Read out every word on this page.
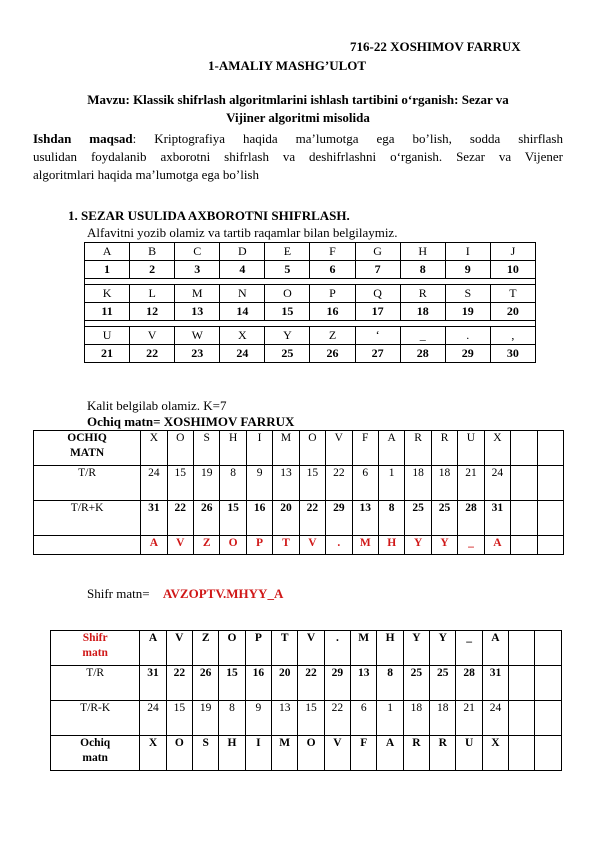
716-22 XOSHIMOV FARRUX
1-AMALIY MASHG’ULOT
Mavzu: Klassik shifrlash algoritmlarini ishlash tartibini o‘rganish: Sezar va
Vijiner algoritmi misolida
Ishdan maqsad: Kriptografiya haqida ma’lumotga ega bo’lish, sodda shirflash
usulidan foydalanib axborotni shifrlash va deshifrlashni o‘rganish. Sezar va Vijener
algoritmlari haqida ma’lumotga ega bo’lish
1. SEZAR USULIDA AXBOROTNI SHIFRLASH.
Alfavitni yozib olamiz va tartib raqamlar bilan belgilaymiz.
A	B	C	D	E	F	G	H	I	J
1	2	3	4	5	6	7	8	9	10

K	L	M	N	O	P	Q	R	S	T
11	12	13	14	15	16	17	18	19	20

U	V	W	X	Y	Z	‘	_	.	,
21	22	23	24	25	26	27	28	29	30
Kalit belgilab olamiz. K=7
Ochiq matn= XOSHIMOV FARRUX
OCHIQ
MATN	X	O	S	H	I	M	O	V	F	A	R	R	U	X		
T/R	24	15	19	8	9	13	15	22	6	1	18	18	21	24		
T/R+K	31	22	26	15	16	20	22	29	13	8	25	25	28	31		
	A	V	Z	O	P	T	V	.	M	H	Y	Y	_	A		
Shifr matn= AVZOPTV.MHYY_A
Shifr
matn	A	V	Z	O	P	T	V	.	M	H	Y	Y	_	A		
T/R	31	22	26	15	16	20	22	29	13	8	25	25	28	31		
T/R-K	24	15	19	8	9	13	15	22	6	1	18	18	21	24		

Ochiq
matn	X	O	S	H	I	M	O	V	F	A	R	R	U	X		
